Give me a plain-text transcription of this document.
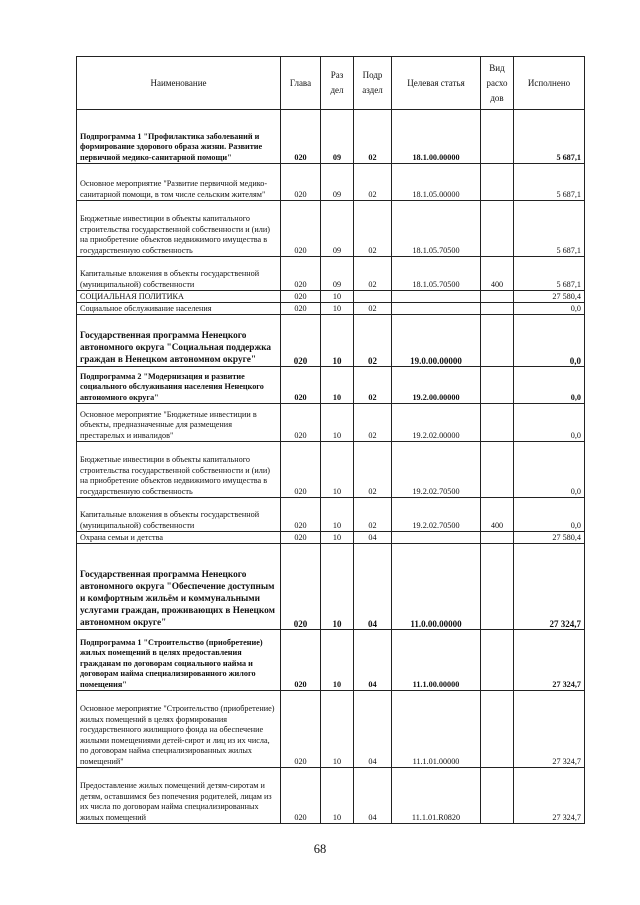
Наименование	Глава	Раз дел	Подр аздел	Целевая статья	Вид расхо дов	Исполнено
Подпрограмма 1 "Профилактика заболеваний и формирование здорового образа жизни. Развитие первичной медико-санитарной помощи"	020	09	02	18.1.00.00000		5 687,1
Основное мероприятие "Развитие первичной медико-санитарной помощи, в том числе сельским жителям"	020	09	02	18.1.05.00000		5 687,1
Бюджетные инвестиции в объекты капитального строительства государственной собственности и (или) на приобретение объектов недвижимого имущества в государственную собственность	020	09	02	18.1.05.70500		5 687,1
Капитальные вложения в объекты государственной (муниципальной) собственности	020	09	02	18.1.05.70500	400	5 687,1
СОЦИАЛЬНАЯ ПОЛИТИКА	020	10				27 580,4
Социальное обслуживание населения	020	10	02			0,0
Государственная программа Ненецкого автономного округа "Социальная поддержка граждан в Ненецком автономном округе"	020	10	02	19.0.00.00000		0,0
Подпрограмма 2 "Модернизация и развитие социального обслуживания населения Ненецкого автономного округа"	020	10	02	19.2.00.00000		0,0
Основное мероприятие "Бюджетные инвестиции в объекты, предназначенные для размещения престарелых и инвалидов"	020	10	02	19.2.02.00000		0,0
Бюджетные инвестиции в объекты капитального строительства государственной собственности и (или) на приобретение объектов недвижимого имущества в государственную собственность	020	10	02	19.2.02.70500		0,0
Капитальные вложения в объекты государственной (муниципальной) собственности	020	10	02	19.2.02.70500	400	0,0
Охрана семьи и детства	020	10	04			27 580,4
Государственная программа Ненецкого автономного округа "Обеспечение доступным и комфортным жильём и коммунальными услугами граждан, проживающих в Ненецком автономном округе"	020	10	04	11.0.00.00000		27 324,7
Подпрограмма 1 "Строительство (приобретение) жилых помещений в целях предоставления гражданам по договорам социального найма и договорам найма специализированного жилого помещения"	020	10	04	11.1.00.00000		27 324,7
Основное мероприятие "Строительство (приобретение) жилых помещений в целях формирования государственного жилищного фонда на обеспечение жилыми помещениями детей-сирот и лиц из их числа, по договорам найма специализированных жилых помещений"	020	10	04	11.1.01.00000		27 324,7
Предоставление жилых помещений детям-сиротам и детям, оставшимся без попечения родителей, лицам из их числа по договорам найма специализированных жилых помещений	020	10	04	11.1.01.R0820		27 324,7
68
